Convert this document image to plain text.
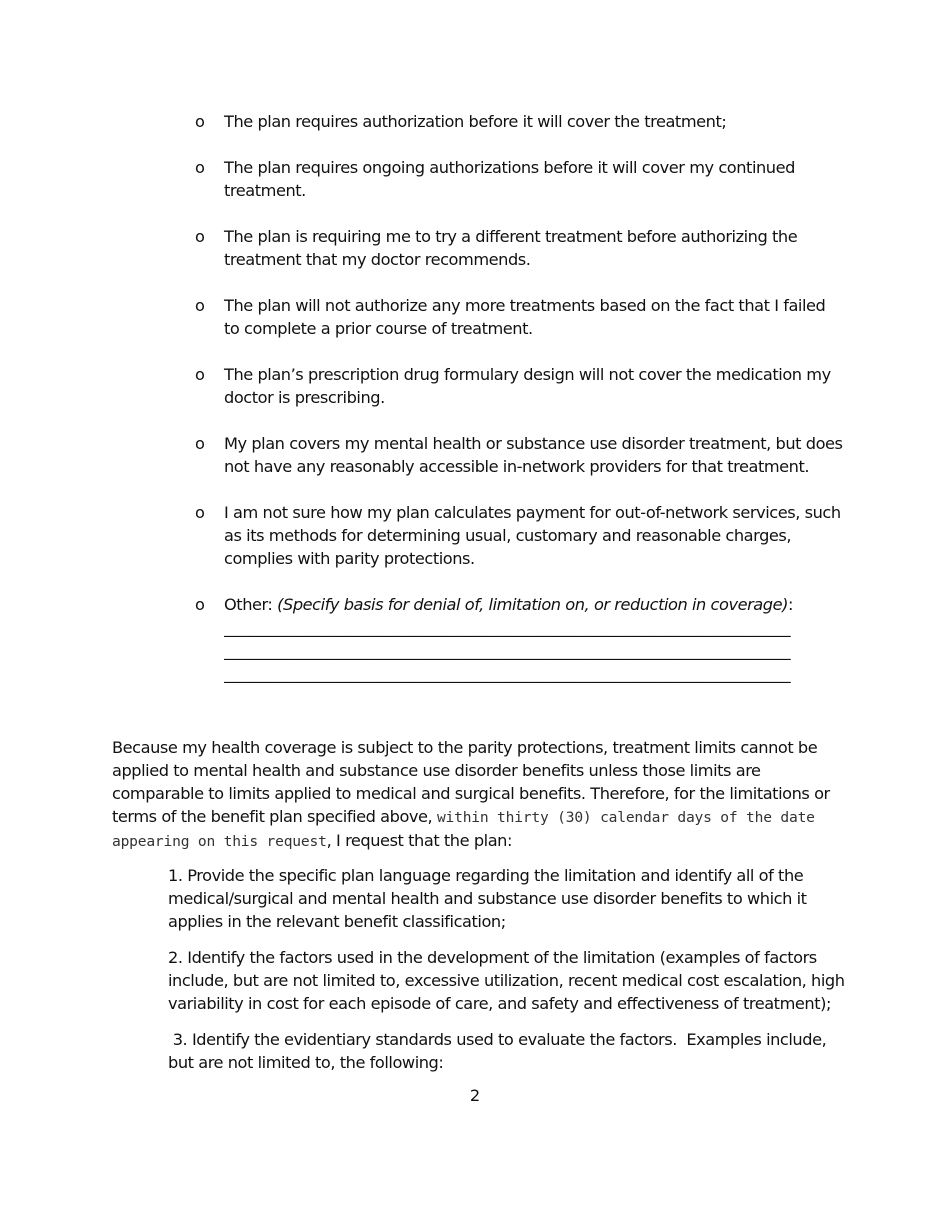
o The plan requires authorization before it will cover the treatment;
o The plan requires ongoing authorizations before it will cover my continued treatment.
o The plan is requiring me to try a different treatment before authorizing the treatment that my doctor recommends.
o The plan will not authorize any more treatments based on the fact that I failed to complete a prior course of treatment.
o The plan’s prescription drug formulary design will not cover the medication my doctor is prescribing.
o My plan covers my mental health or substance use disorder treatment, but does not have any reasonably accessible in-network providers for that treatment.
o I am not sure how my plan calculates payment for out-of-network services, such as its methods for determining usual, customary and reasonable charges, complies with parity protections.
o Other: (Specify basis for denial of, limitation on, or reduction in coverage):
______________________________________________________________________
______________________________________________________________________
______________________________________________________________________

Because my health coverage is subject to the parity protections, treatment limits cannot be applied to mental health and substance use disorder benefits unless those limits are comparable to limits applied to medical and surgical benefits. Therefore, for the limitations or terms of the benefit plan specified above, within thirty (30) calendar days of the date appearing on this request, I request that the plan:

1. Provide the specific plan language regarding the limitation and identify all of the medical/surgical and mental health and substance use disorder benefits to which it applies in the relevant benefit classification;

2. Identify the factors used in the development of the limitation (examples of factors include, but are not limited to, excessive utilization, recent medical cost escalation, high variability in cost for each episode of care, and safety and effectiveness of treatment);

3. Identify the evidentiary standards used to evaluate the factors.  Examples include, but are not limited to, the following:

2
